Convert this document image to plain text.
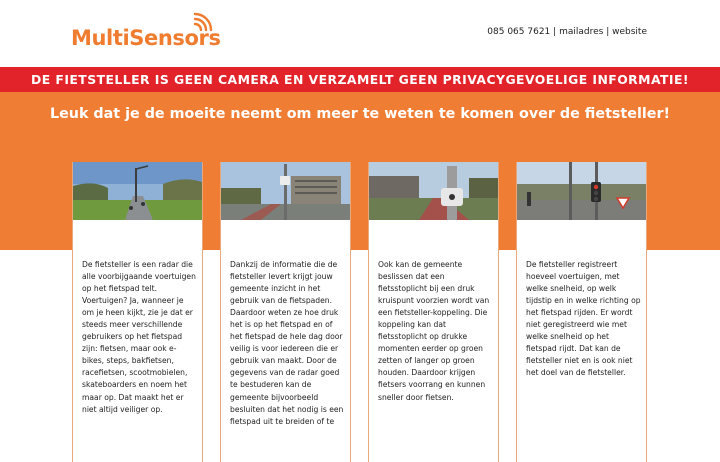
MultiSensors	085 065 7621 | mailadres | website
DE FIETSTELLER IS GEEN CAMERA EN VERZAMELT GEEN PRIVACYGEVOELIGE INFORMATIE!
Leuk dat je de moeite neemt om meer te weten te komen over de fietsteller!
De fietsteller is een radar die alle voorbijgaande voertuigen op het fietspad telt. Voertuigen? Ja, wanneer je om je heen kijkt, zie je dat er steeds meer verschillende gebruikers op het fietspad zijn: fietsen, maar ook e-bikes, steps, bakfietsen, racefietsen, scootmobielen, skateboarders en noem het maar op. Dat maakt het er niet altijd veiliger op.
Dankzij de informatie die de fietsteller levert krijgt jouw gemeente inzicht in het gebruik van de fietspaden. Daardoor weten ze hoe druk het is op het fietspad en of het fietspad de hele dag door veilig is voor iedereen die er gebruik van maakt. Door de gegevens van de radar goed te bestuderen kan de gemeente bijvoorbeeld besluiten dat het nodig is een fietspad uit te breiden of te
Ook kan de gemeente beslissen dat een fietsstoplicht bij een druk kruispunt voorzien wordt van een fietsteller-koppeling. Die koppeling kan dat fietsstoplicht op drukke momenten eerder op groen zetten of langer op groen houden. Daardoor krijgen fietsers voorrang en kunnen sneller door fietsen.
De fietsteller registreert hoeveel voertuigen, met welke snelheid, op welk tijdstip en in welke richting op het fietspad rijden. Er wordt niet geregistreerd wie met welke snelheid op het fietspad rijdt. Dat kan de fietsteller niet en is ook niet het doel van de fietsteller.
